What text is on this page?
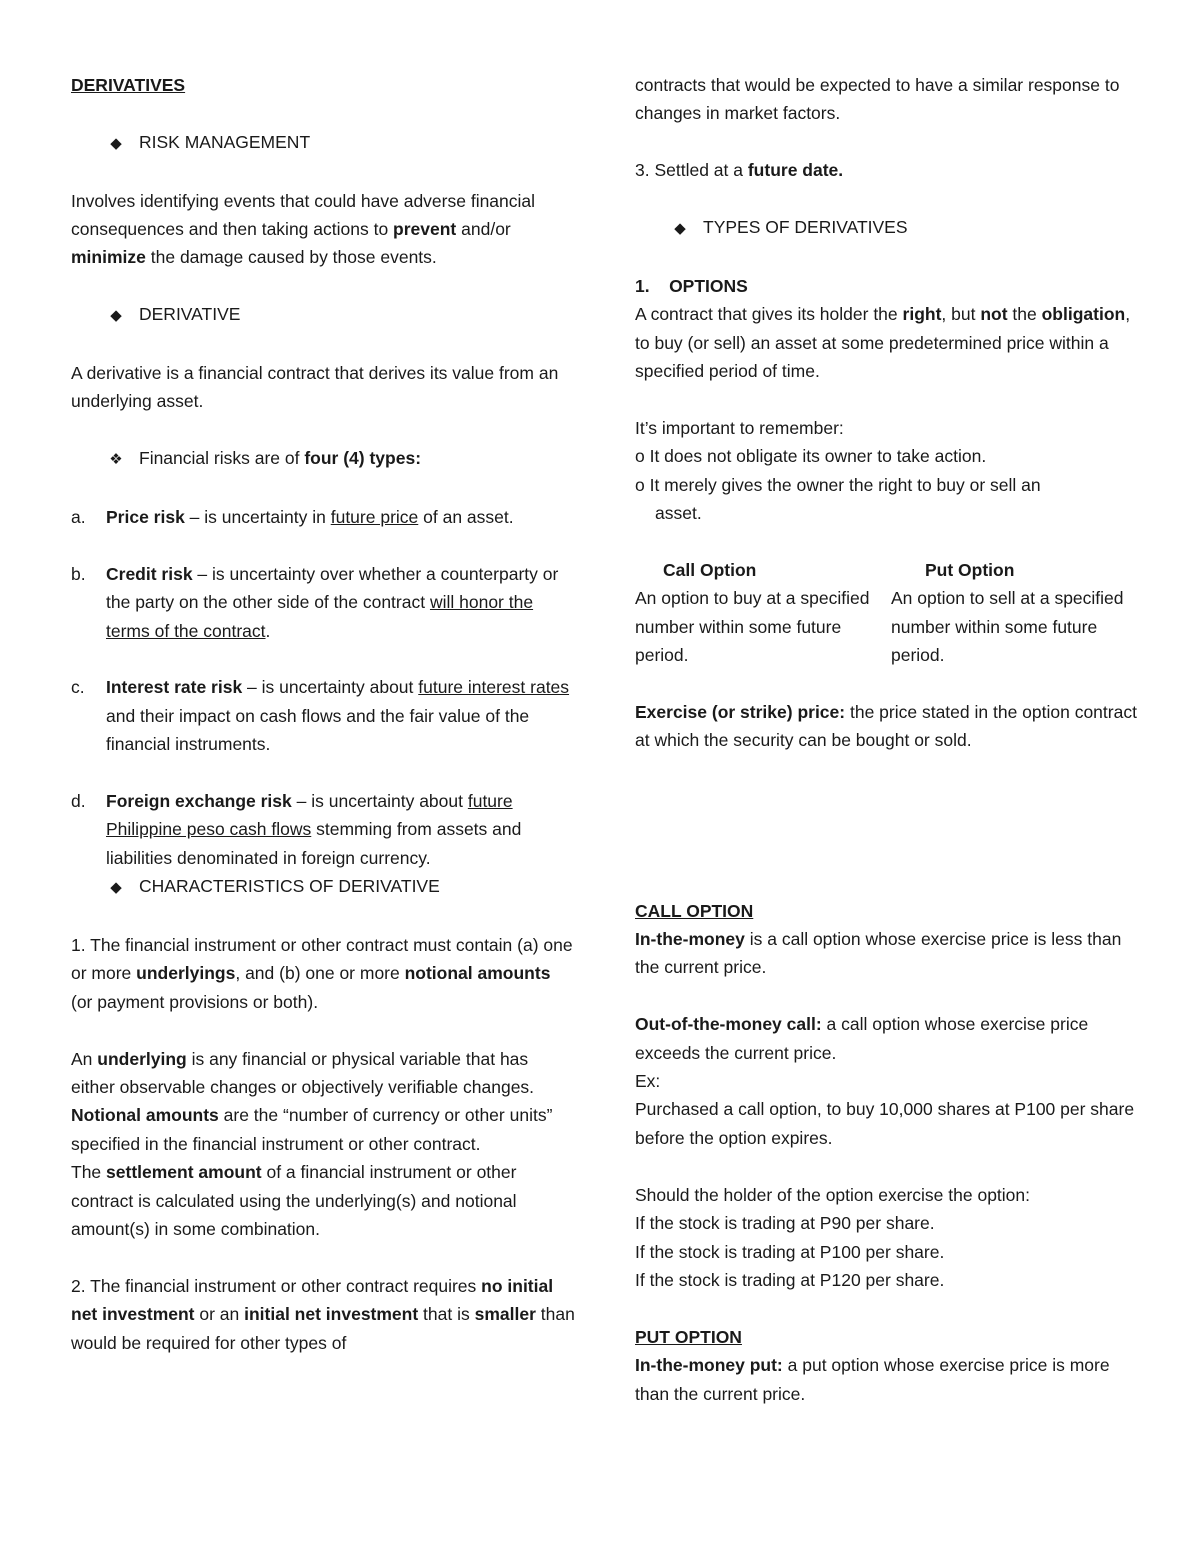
DERIVATIVES

◆ RISK MANAGEMENT

Involves identifying events that could have adverse financial consequences and then taking actions to prevent and/or minimize the damage caused by those events.

◆ DERIVATIVE

A derivative is a financial contract that derives its value from an underlying asset.

❖ Financial risks are of four (4) types:

a. Price risk – is uncertainty in future price of an asset.

b. Credit risk – is uncertainty over whether a counterparty or the party on the other side of the contract will honor the terms of the contract.

c. Interest rate risk – is uncertainty about future interest rates and their impact on cash flows and the fair value of the financial instruments.

d. Foreign exchange risk – is uncertainty about future Philippine peso cash flows stemming from assets and liabilities denominated in foreign currency.

◆ CHARACTERISTICS OF DERIVATIVE

1. The financial instrument or other contract must contain (a) one or more underlyings, and (b) one or more notional amounts (or payment provisions or both).

An underlying is any financial or physical variable that has either observable changes or objectively verifiable changes.

Notional amounts are the “number of currency or other units” specified in the financial instrument or other contract.

The settlement amount of a financial instrument or other contract is calculated using the underlying(s) and notional amount(s) in some combination.

2. The financial instrument or other contract requires no initial net investment or an initial net investment that is smaller than would be required for other types of

contracts that would be expected to have a similar response to changes in market factors.

3. Settled at a future date.

◆ TYPES OF DERIVATIVES

1. OPTIONS

A contract that gives its holder the right, but not the obligation, to buy (or sell) an asset at some predetermined price within a specified period of time.

It’s important to remember:

o It does not obligate its owner to take action.

o It merely gives the owner the right to buy or sell an

asset.

Call Option

An option to buy at a specified number within some future period.

Put Option

An option to sell at a specified number within some future period.

Exercise (or strike) price: the price stated in the option contract at which the security can be bought or sold.

CALL OPTION

In-the-money is a call option whose exercise price is less than the current price.

Out-of-the-money call: a call option whose exercise price exceeds the current price.

Ex:

Purchased a call option, to buy 10,000 shares at P100 per share before the option expires.

Should the holder of the option exercise the option:

If the stock is trading at P90 per share.

If the stock is trading at P100 per share.

If the stock is trading at P120 per share.

PUT OPTION

In-the-money put: a put option whose exercise price is more than the current price.
